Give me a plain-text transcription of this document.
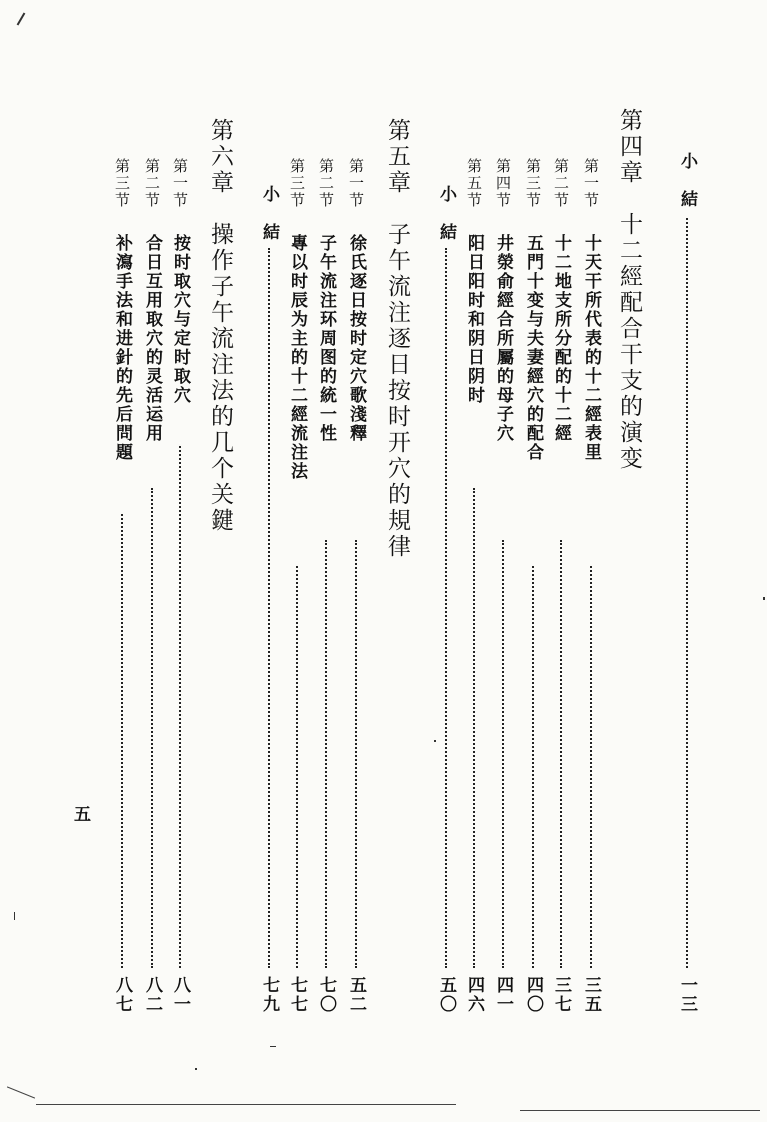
小　結
一三
第四章　十二經配合干支的演变
第一节
十天干所代表的十二經表里
三五
第二节
十二地支所分配的十二經
三七
第三节
五門十变与夫妻經穴的配合
四〇
第四节
井滎俞經合所屬的母子穴
四一
第五节
阳日阳时和阴日阴时
四六
小　結
五〇
第五章　子午流注逐日按时开穴的規律
第一节
徐氏逐日按时定穴歌淺釋
五二
第二节
子午流注环周图的統一性
七〇
第三节
專以时辰为主的十二經流注法
七七
小　結
七九
第六章　操作子午流注法的几个关鍵
第一节
按时取穴与定时取穴
八一
第二节
合日互用取穴的灵活运用
八二
第三节
补瀉手法和进針的先后問題
八七
五
